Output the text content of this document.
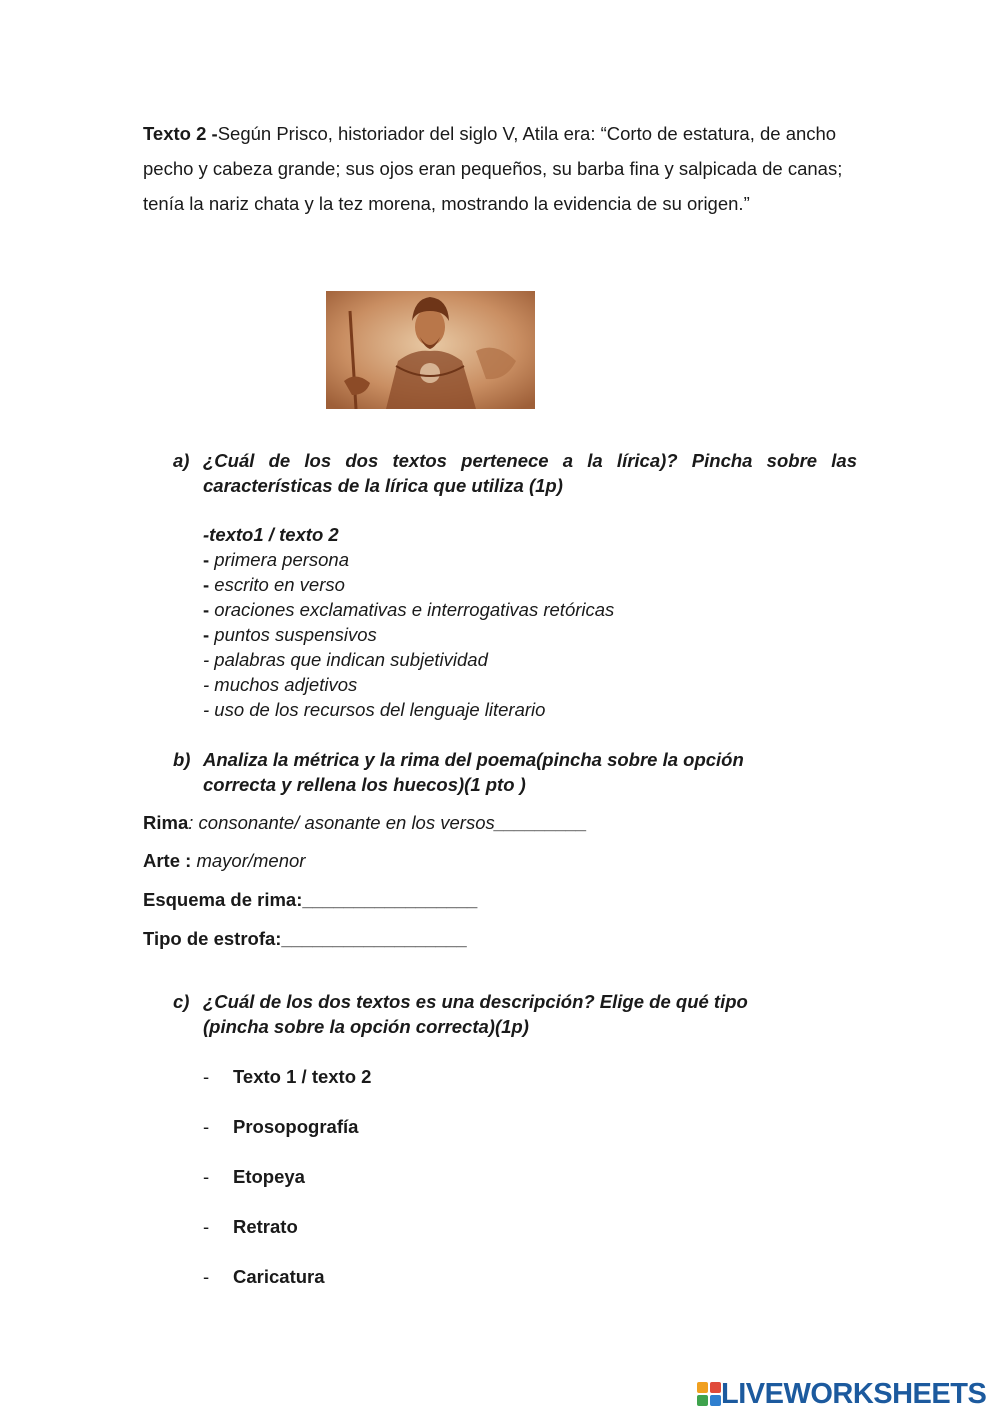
Texto 2 -Según Prisco, historiador del siglo V, Atila era: “Corto de estatura, de ancho pecho y cabeza grande; sus ojos eran pequeños, su barba fina y salpicada de canas; tenía la nariz chata y la tez morena, mostrando la evidencia de su origen.”
a) ¿Cuál de los dos textos pertenece a la lírica)? Pincha sobre las características de la lírica que utiliza (1p)
-texto1 / texto 2
- primera persona
- escrito en verso
- oraciones exclamativas e interrogativas retóricas
- puntos suspensivos
- palabras que indican subjetividad
- muchos adjetivos
- uso de los recursos del lenguaje literario
b) Analiza la métrica y la rima del poema(pincha sobre la opción correcta y rellena los huecos)(1 pto )
Rima: consonante/ asonante en los versos_________
Arte : mayor/menor
Esquema de rima:_________________
Tipo de estrofa:__________________
c) ¿Cuál de los dos textos es una descripción? Elige de qué tipo (pincha sobre la opción correcta)(1p)
- Texto 1 / texto 2
- Prosopografía
- Etopeya
- Retrato
- Caricatura
LIVEWORKSHEETS
